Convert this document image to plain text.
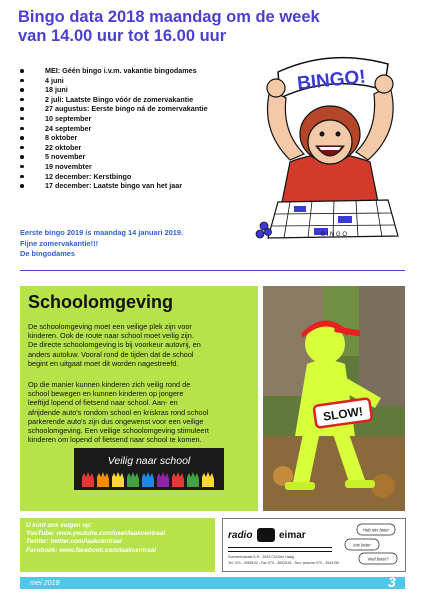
Bingo data 2018 maandag om de week
van 14.00 uur tot 16.00 uur
MEI: Géén bingo i.v.m. vakantie bingodames
4 juni
18 juni
2 juli: Laatste Bingo vóór de zomervakantie
27 augustus: Eerste bingo ná de zomervakantie
10 september
24 september
8 oktober
22 oktober
5 november
19 novembter
12 december: Kerstbingo
17 december: Laatste bingo van het jaar
Eerste bingo 2019 is maandag 14 januari 2019.
Fijne zomervakantie!!!
De bingodames
BINGO!
B I N G O
Schoolomgeving
De schoolomgeving moet een veilige plek zijn voor
kinderen. Ook de route naar school moet veilig zijn.
De directe schoolomgeving is bij voorkeur autovrij, en
anders autoluw. Vooral rond de tijden dat de school
begint en uitgaat moet dit worden nagestreefd.
Op die manier kunnen kinderen zich veilig rond de
school bewegen en kunnen kinderen op jongere
leeftijd lopend of fietsend naar school. Aan- en
afrijdende auto's rondom school en kriskras rond school
parkerende auto's zijn dus ongewenst voor een veilige
schoolomgeving. Een veilige schoolomgeving stimuleert
kinderen om lopend of fietsend naar school te komen.
Veilig naar school
SLOW!
U kunt ons volgen op:
YouTube: www.youtube.com/user/laakcentraal
Twitter: twitter.com/laakcentraal
Facebook: www.facebook.com/laakcentraal
radio	eimar
Soeverenstraat 5-H - 2533 CN Den Haag
Tel. 070 - 3965102 - Fax 070 - 3652515 - Taxi. www.tel 070 - 3944750
Heb iets beter
Iets beter
Veel beter?
mei 2018	3
